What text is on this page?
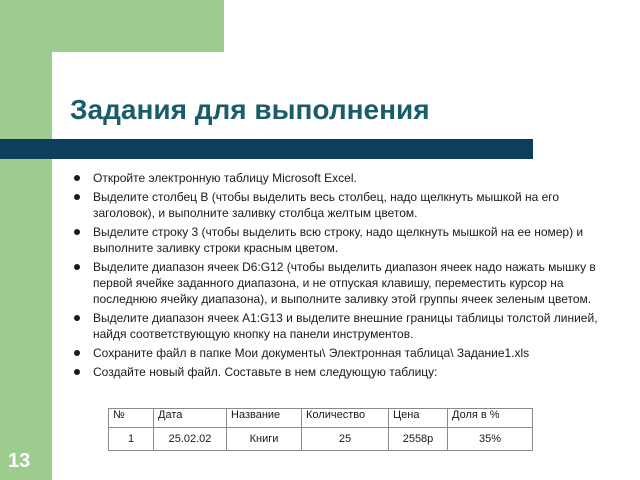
Задания для выполнения
Откройте электронную таблицу Microsoft Excel.
Выделите столбец В (чтобы выделить весь столбец, надо щелкнуть мышкой на его заголовок), и выполните заливку столбца желтым цветом.
Выделите строку 3 (чтобы выделить всю строку, надо щелкнуть мышкой на ее номер) и выполните заливку строки красным цветом.
Выделите диапазон ячеек D6:G12 (чтобы выделить диапазон ячеек надо нажать мышку в первой ячейке заданного диапазона, и не отпуская клавишу, переместить курсор на последнюю ячейку диапазона), и выполните заливку этой группы ячеек зеленым цветом.
Выделите диапазон ячеек А1:G13 и выделите внешние границы таблицы толстой линией, найдя соответствующую кнопку на панели инструментов.
Сохраните файл в папке Мои документы\ Электронная таблица\ Задание1.xls
Создайте новый файл. Составьте в нем следующую таблицу:
№	Дата	Название	Количество	Цена	Доля в %
1	25.02.02	Книги	25	2558р	35%
13
